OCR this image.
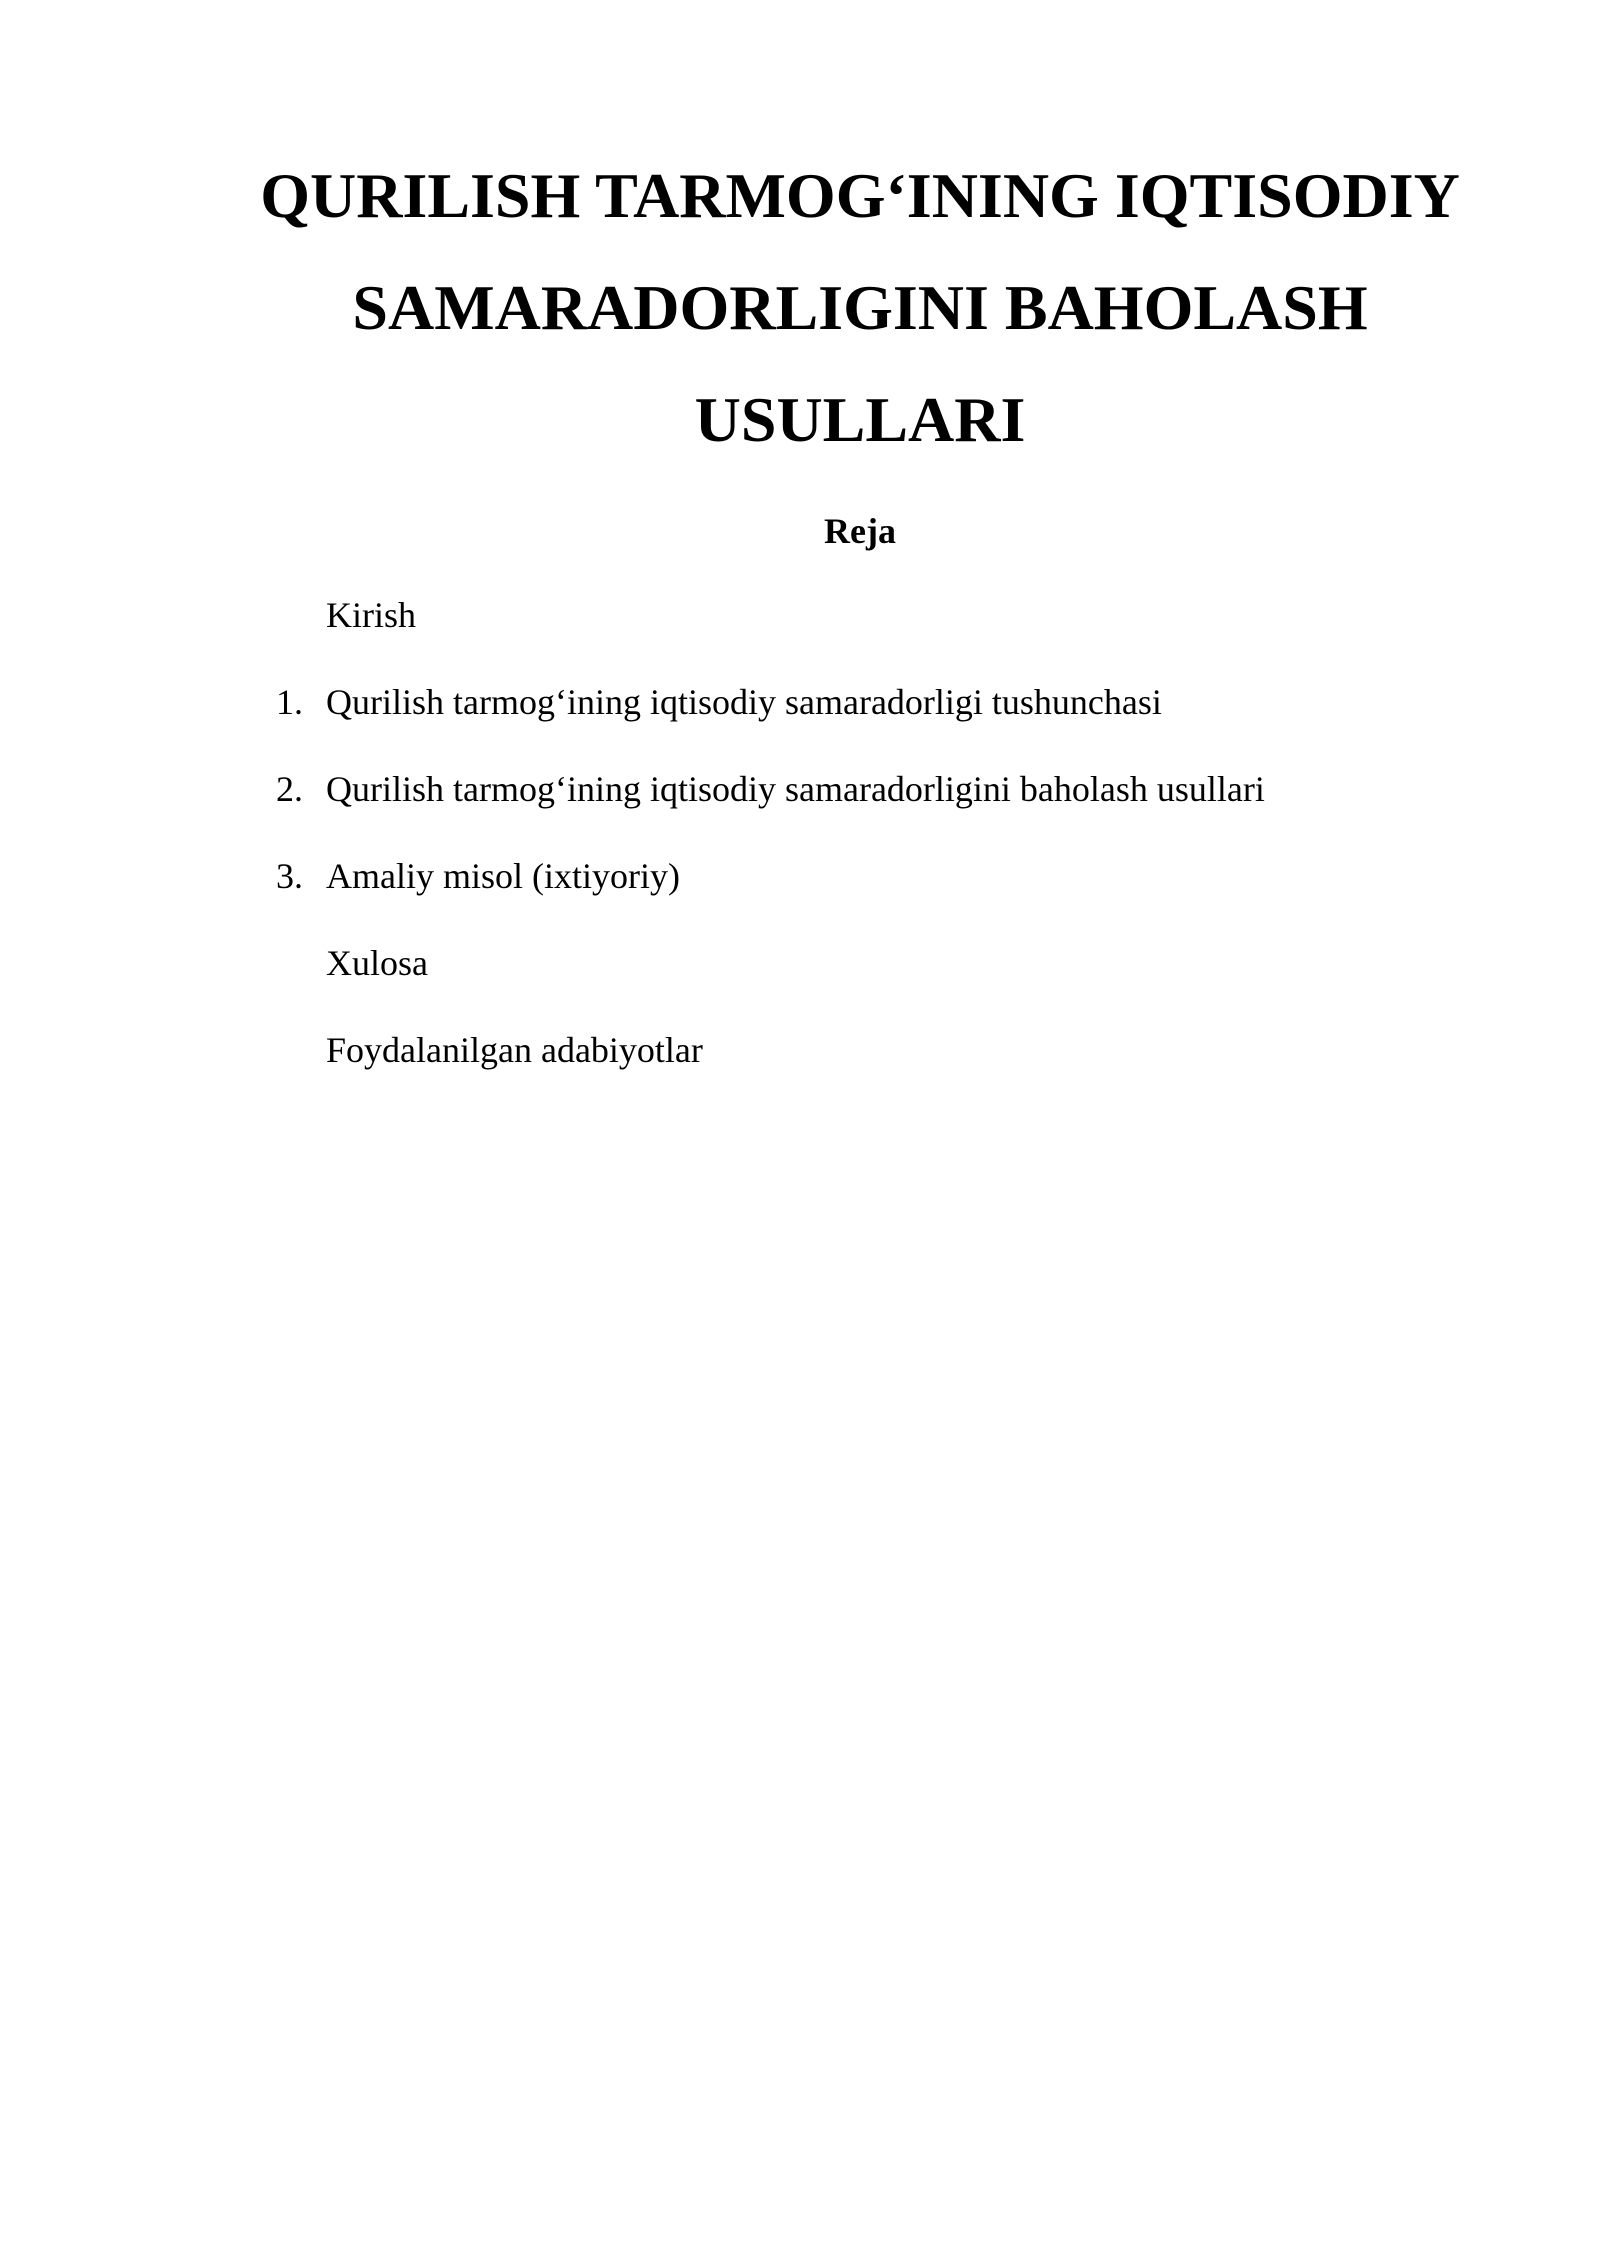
QURILISH TARMOG‘INING IQTISODIY
SAMARADORLIGINI BAHOLASH
USULLARI
Reja
Kirish
1. Qurilish tarmog‘ining iqtisodiy samaradorligi tushunchasi
2. Qurilish tarmog‘ining iqtisodiy samaradorligini baholash usullari
3. Amaliy misol (ixtiyoriy)
Xulosa
Foydalanilgan adabiyotlar
